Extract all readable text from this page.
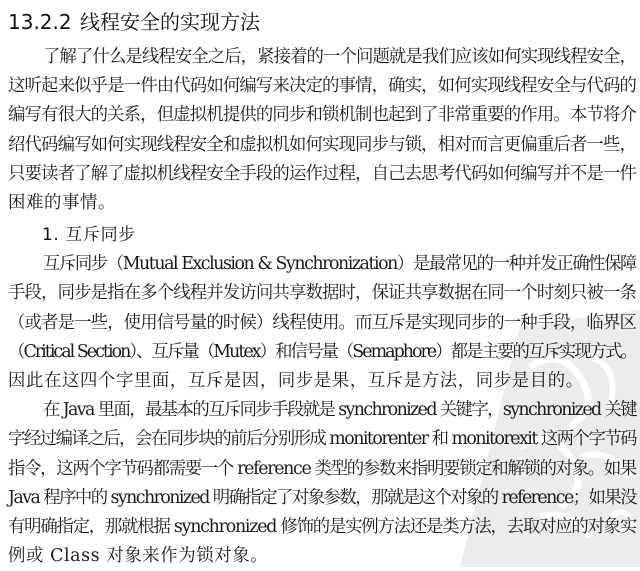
13.2.2 线程安全的实现方法
了解了什么是线程安全之后，紧接着的一个问题就是我们应该如何实现线程安全，
这听起来似乎是一件由代码如何编写来决定的事情，确实，如何实现线程安全与代码的
编写有很大的关系，但虚拟机提供的同步和锁机制也起到了非常重要的作用。本节将介
绍代码编写如何实现线程安全和虚拟机如何实现同步与锁，相对而言更偏重后者一些，
只要读者了解了虚拟机线程安全手段的运作过程，自己去思考代码如何编写并不是一件
困难的事情。
1. 互斥同步
互斥同步（Mutual Exclusion & Synchronization）是最常见的一种并发正确性保障
手段，同步是指在多个线程并发访问共享数据时，保证共享数据在同一个时刻只被一条
（或者是一些，使用信号量的时候）线程使用。而互斥是实现同步的一种手段，临界区
（Critical Section）、互斥量（Mutex）和信号量（Semaphore）都是主要的互斥实现方式。
因此在这四个字里面，互斥是因，同步是果，互斥是方法，同步是目的。
在 Java 里面，最基本的互斥同步手段就是 synchronized 关键字，synchronized 关键
字经过编译之后，会在同步块的前后分别形成 monitorenter 和 monitorexit 这两个字节码
指令，这两个字节码都需要一个 reference 类型的参数来指明要锁定和解锁的对象。如果
Java 程序中的 synchronized 明确指定了对象参数，那就是这个对象的 reference；如果没
有明确指定，那就根据 synchronized 修饰的是实例方法还是类方法，去取对应的对象实
例或 Class 对象来作为锁对象。
